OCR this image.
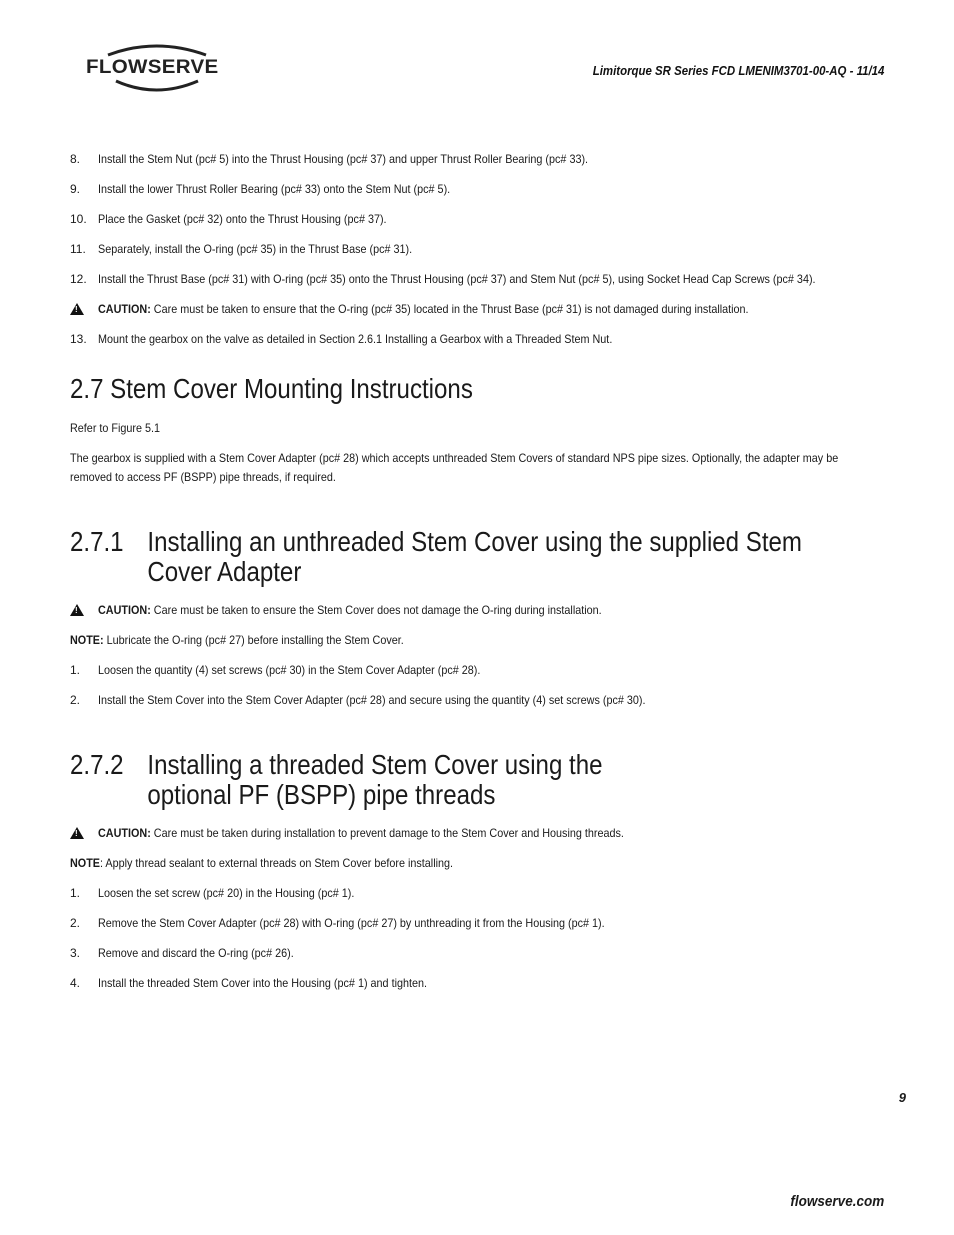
FLOWSERVE	Limitorque SR Series FCD LMENIM3701-00-AQ - 11/14
8. Install the Stem Nut (pc# 5) into the Thrust Housing (pc# 37) and upper Thrust Roller Bearing (pc# 33).
9. Install the lower Thrust Roller Bearing (pc# 33) onto the Stem Nut (pc# 5).
10. Place the Gasket (pc# 32) onto the Thrust Housing (pc# 37).
11. Separately, install the O-ring (pc# 35) in the Thrust Base (pc# 31).
12. Install the Thrust Base (pc# 31) with O-ring (pc# 35) onto the Thrust Housing (pc# 37) and Stem Nut (pc# 5), using Socket Head Cap Screws (pc# 34).
! CAUTION: Care must be taken to ensure that the O-ring (pc# 35) located in the Thrust Base (pc# 31) is not damaged during installation.
13. Mount the gearbox on the valve as detailed in Section 2.6.1 Installing a Gearbox with a Threaded Stem Nut.
2.7 Stem Cover Mounting Instructions
Refer to Figure 5.1
The gearbox is supplied with a Stem Cover Adapter (pc# 28) which accepts unthreaded Stem Covers of standard NPS pipe sizes. Optionally, the adapter may be removed to access PF (BSPP) pipe threads, if required.
2.7.1 Installing an unthreaded Stem Cover using the supplied Stem Cover Adapter
! CAUTION: Care must be taken to ensure the Stem Cover does not damage the O-ring during installation.
NOTE: Lubricate the O-ring (pc# 27) before installing the Stem Cover.
1. Loosen the quantity (4) set screws (pc# 30) in the Stem Cover Adapter (pc# 28).
2. Install the Stem Cover into the Stem Cover Adapter (pc# 28) and secure using the quantity (4) set screws (pc# 30).
2.7.2 Installing a threaded Stem Cover using the optional PF (BSPP) pipe threads
! CAUTION: Care must be taken during installation to prevent damage to the Stem Cover and Housing threads.
NOTE: Apply thread sealant to external threads on Stem Cover before installing.
1. Loosen the set screw (pc# 20) in the Housing (pc# 1).
2. Remove the Stem Cover Adapter (pc# 28) with O-ring (pc# 27) by unthreading it from the Housing (pc# 1).
3. Remove and discard the O-ring (pc# 26).
4. Install the threaded Stem Cover into the Housing (pc# 1) and tighten.
9
flowserve.com
